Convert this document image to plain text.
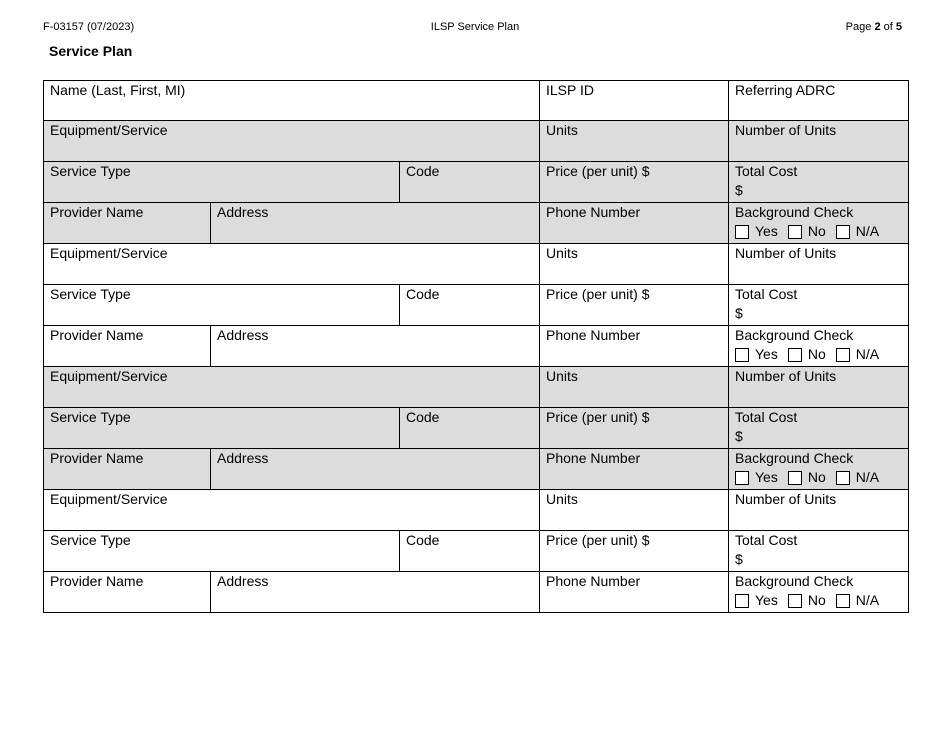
F-03157 (07/2023)	ILSP Service Plan	Page 2 of 5
Service Plan
Name (Last, First, MI)			ILSP ID	Referring ADRC
Equipment/Service			Units	Number of Units
Service Type		Code	Price (per unit) $	Total Cost
$

Provider Name	Address		Phone Number	Background Check
Yes No N/A

Equipment/Service			Units	Number of Units
Service Type		Code	Price (per unit) $	Total Cost
$

Provider Name	Address		Phone Number	Background Check
Yes No N/A

Equipment/Service			Units	Number of Units
Service Type		Code	Price (per unit) $	Total Cost
$

Provider Name	Address		Phone Number	Background Check
Yes No N/A

Equipment/Service			Units	Number of Units
Service Type		Code	Price (per unit) $	Total Cost
$

Provider Name	Address		Phone Number	Background Check
Yes No N/A
